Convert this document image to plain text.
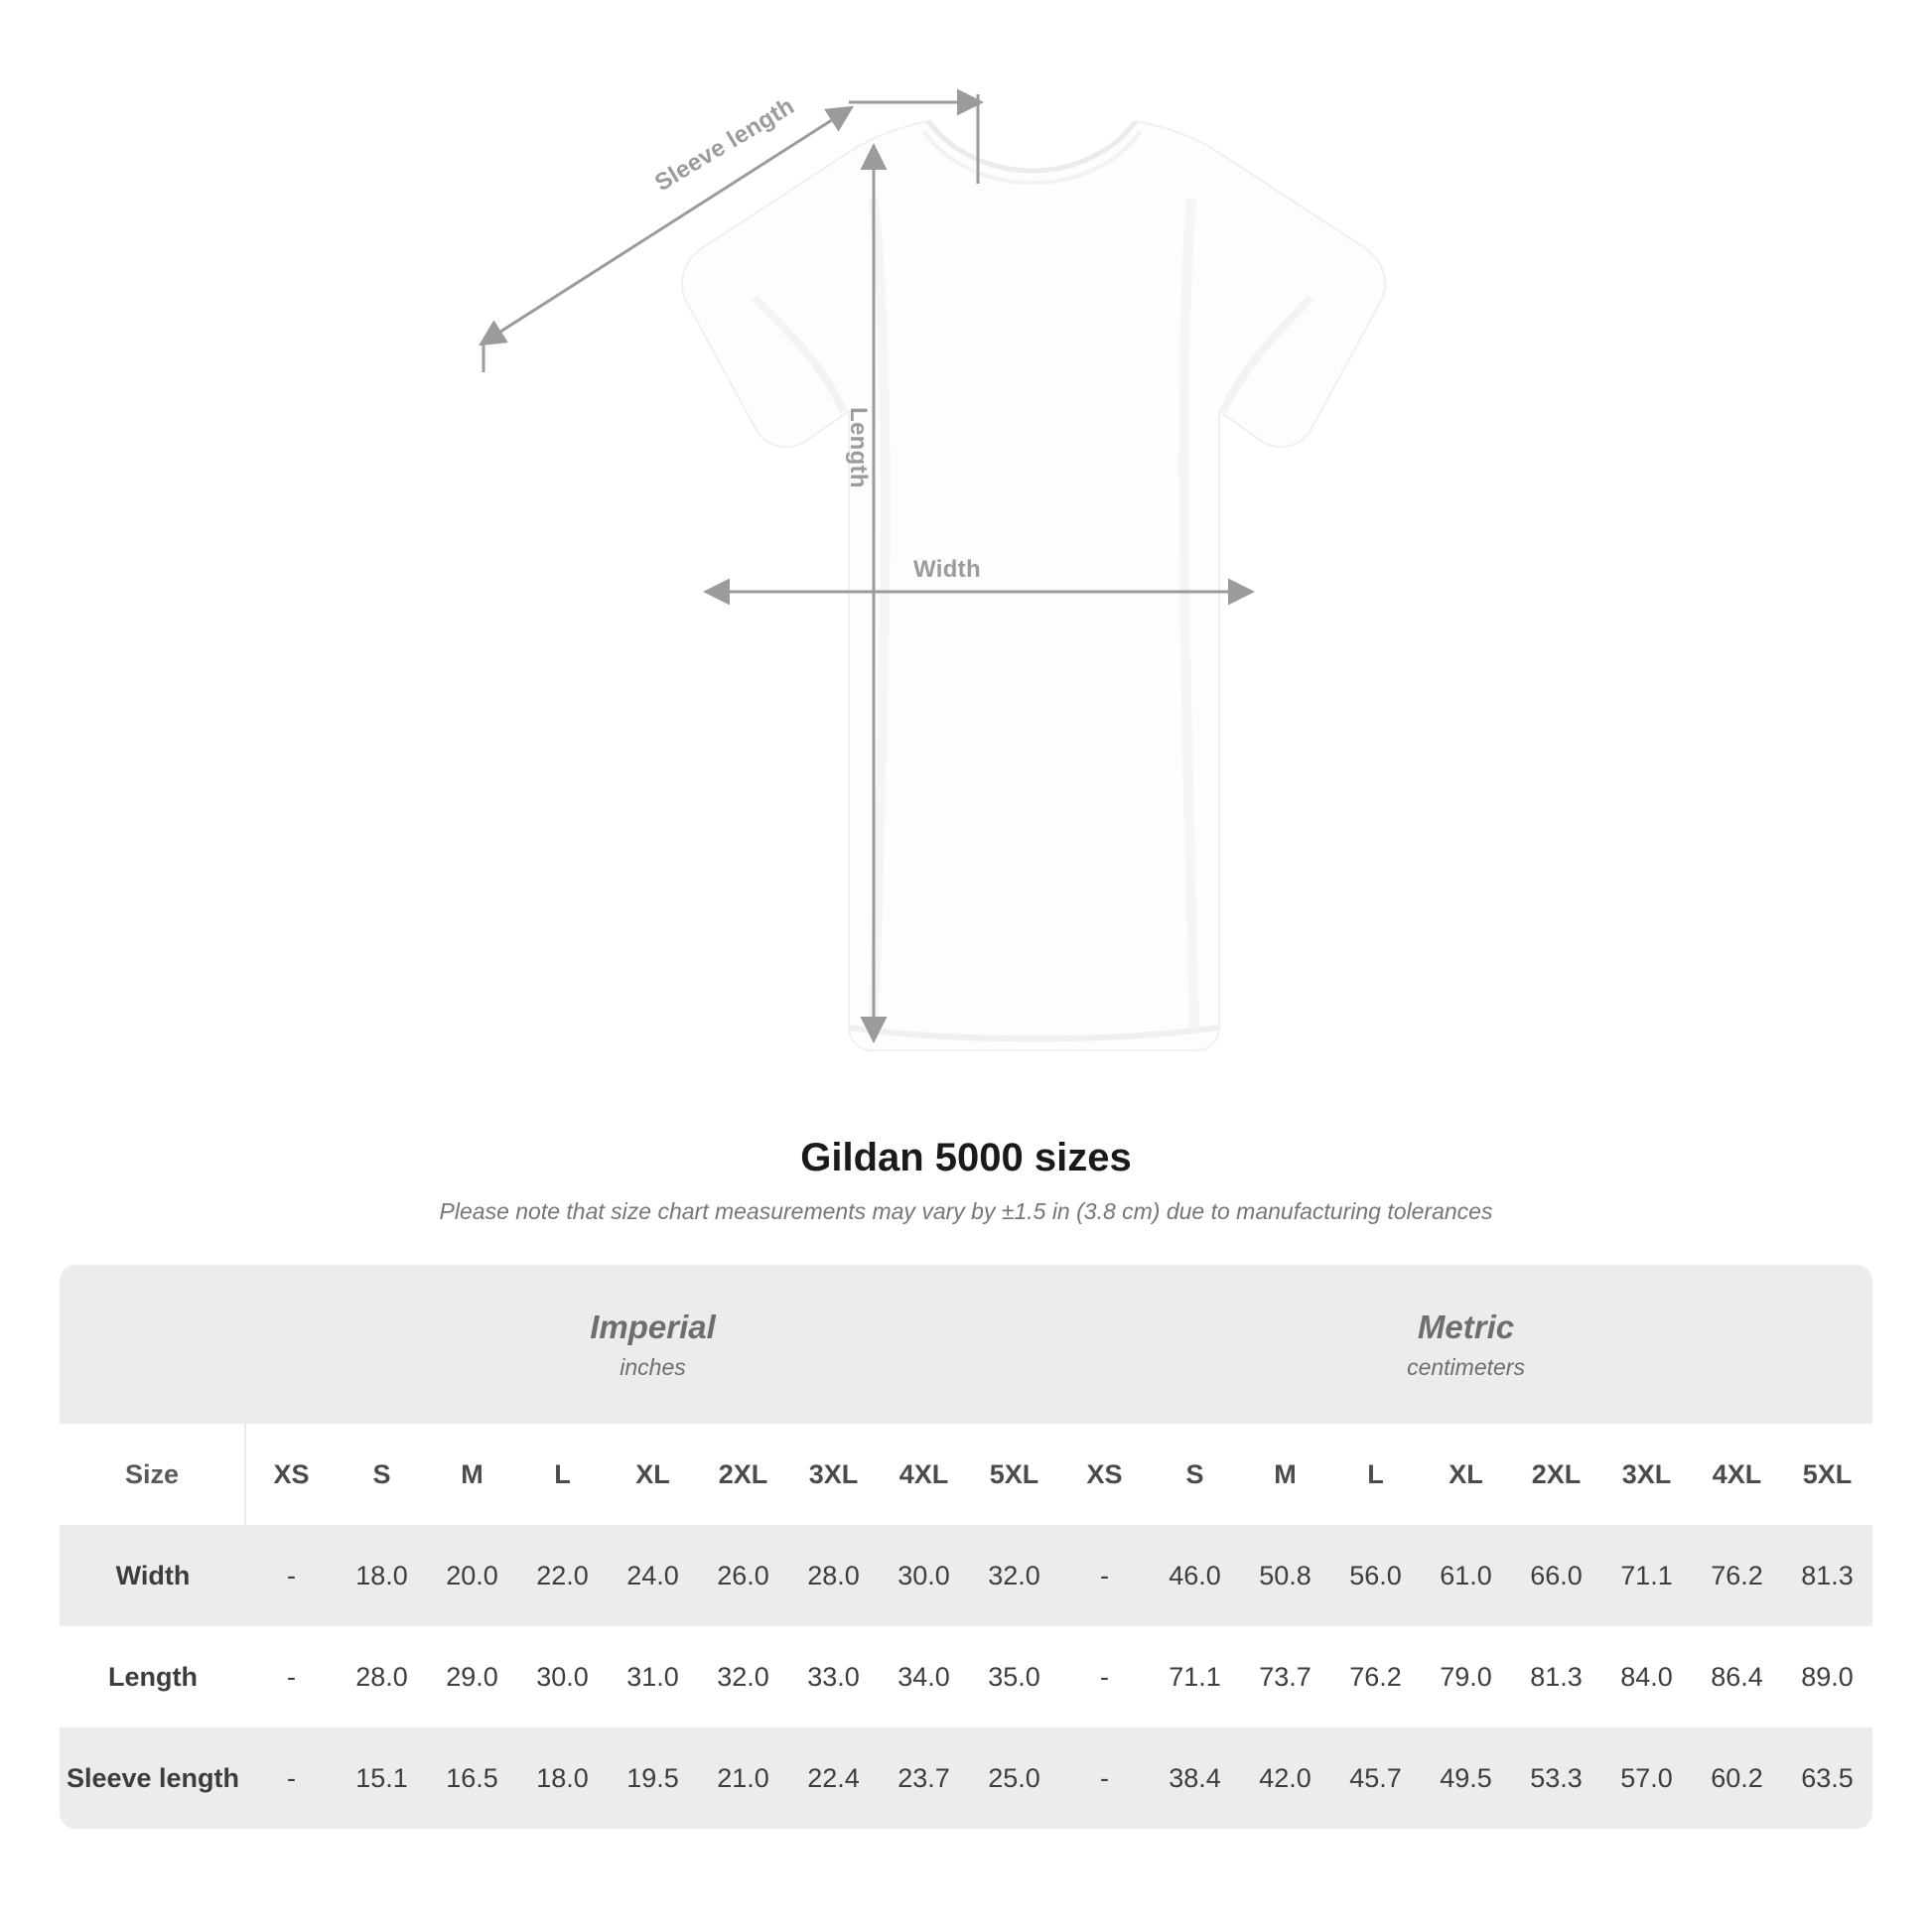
Width
Length
Sleeve length
Gildan 5000 sizes

Please note that size chart measurements may vary by ±1.5 in (3.8 cm) due to manufacturing tolerances

	Imperial
inches									Metric
centimeters								

Size	XS	S	M	L	XL	2XL	3XL	4XL	5XL	XS	S	M	L	XL	2XL	3XL	4XL	5XL
Width	-	18.0	20.0	22.0	24.0	26.0	28.0	30.0	32.0	-	46.0	50.8	56.0	61.0	66.0	71.1	76.2	81.3
Length	-	28.0	29.0	30.0	31.0	32.0	33.0	34.0	35.0	-	71.1	73.7	76.2	79.0	81.3	84.0	86.4	89.0
Sleeve length	-	15.1	16.5	18.0	19.5	21.0	22.4	23.7	25.0	-	38.4	42.0	45.7	49.5	53.3	57.0	60.2	63.5
